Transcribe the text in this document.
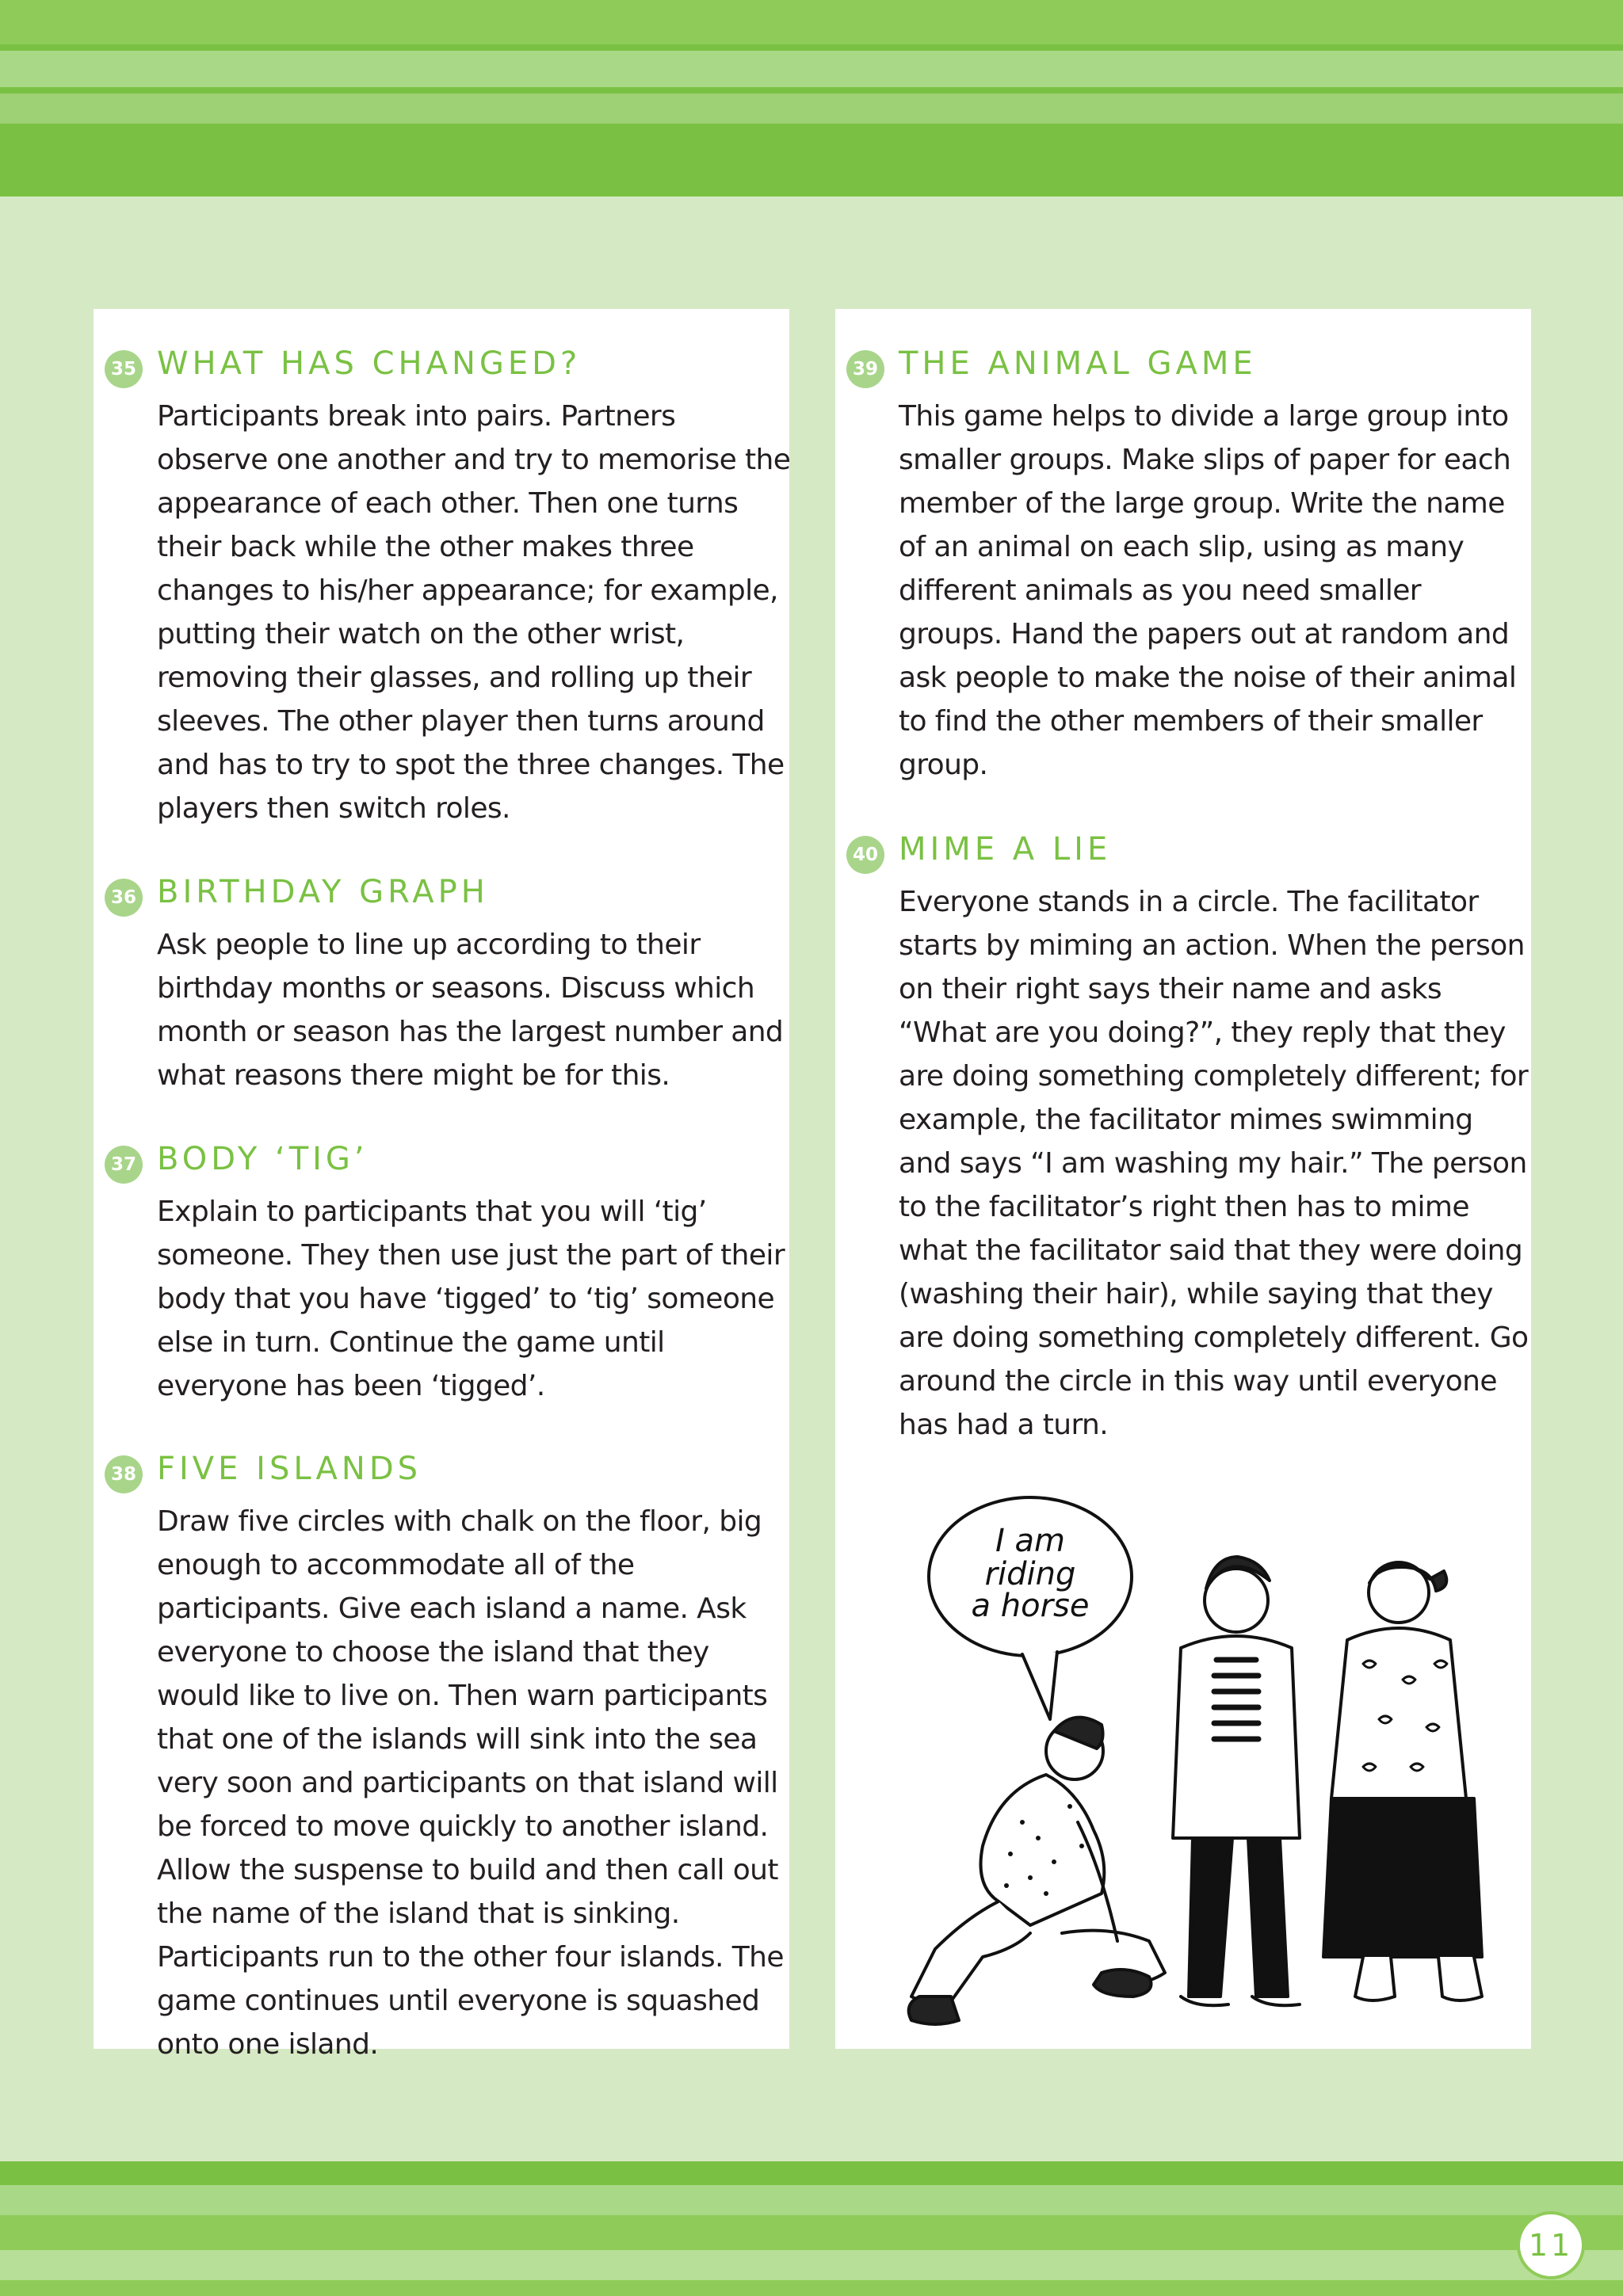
35 WHAT HAS CHANGED?

Participants break into pairs. Partners observe one another and try to memorise the appearance of each other. Then one turns their back while the other makes three changes to his/her appearance; for example, putting their watch on the other wrist, removing their glasses, and rolling up their sleeves. The other player then turns around and has to try to spot the three changes. The players then switch roles.

36 BIRTHDAY GRAPH

Ask people to line up according to their birthday months or seasons. Discuss which month or season has the largest number and what reasons there might be for this.

37 BODY ‘TIG’

Explain to participants that you will ‘tig’ someone. They then use just the part of their body that you have ‘tigged’ to ‘tig’ someone else in turn. Continue the game until everyone has been ‘tigged’.

38 FIVE ISLANDS

Draw five circles with chalk on the floor, big enough to accommodate all of the participants. Give each island a name. Ask everyone to choose the island that they would like to live on. Then warn participants that one of the islands will sink into the sea very soon and participants on that island will be forced to move quickly to another island. Allow the suspense to build and then call out the name of the island that is sinking. Participants run to the other four islands. The game continues until everyone is squashed onto one island.

39 THE ANIMAL GAME

This game helps to divide a large group into smaller groups. Make slips of paper for each member of the large group. Write the name of an animal on each slip, using as many different animals as you need smaller groups. Hand the papers out at random and ask people to make the noise of their animal to find the other members of their smaller group.

40 MIME A LIE

Everyone stands in a circle. The facilitator starts by miming an action. When the person on their right says their name and asks “What are you doing?”, they reply that they are doing something completely different; for example, the facilitator mimes swimming and says “I am washing my hair.” The person to the facilitator’s right then has to mime what the facilitator said that they were doing (washing their hair), while saying that they are doing something completely different. Go around the circle in this way until everyone has had a turn.

I am
riding
a horse
11
